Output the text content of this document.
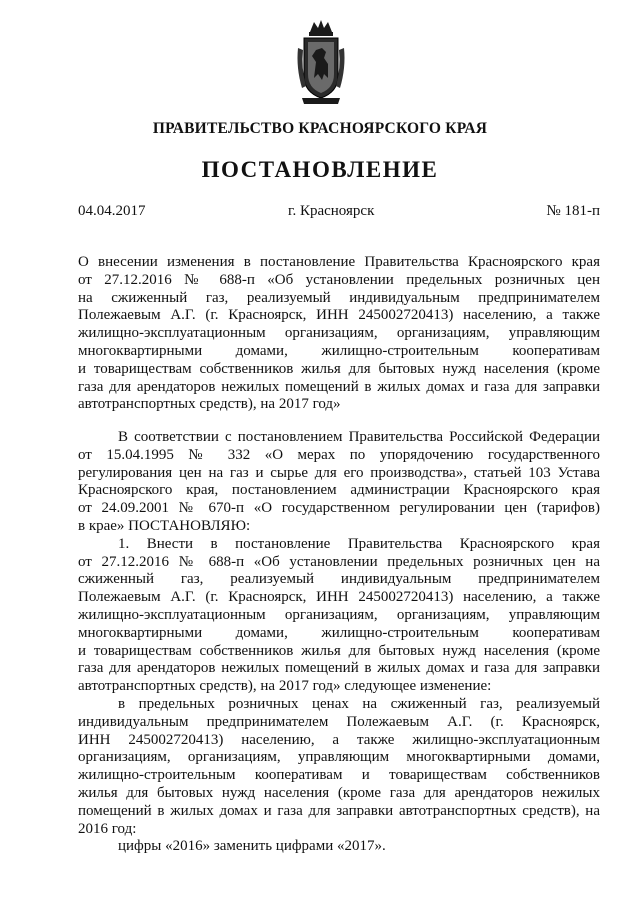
ПРАВИТЕЛЬСТВО КРАСНОЯРСКОГО КРАЯ
ПОСТАНОВЛЕНИЕ
04.04.2017	г. Красноярск	№ 181-п
О внесении изменения в постановление Правительства Красноярского края
от 27.12.2016 № 688-п «Об установлении предельных розничных цен
на сжиженный газ, реализуемый индивидуальным предпринимателем
Полежаевым А.Г. (г. Красноярск, ИНН 245002720413) населению, а также
жилищно-эксплуатационным организациям, организациям, управляющим
многоквартирными домами, жилищно-строительным кооперативам
и товариществам собственников жилья для бытовых нужд населения (кроме
газа для арендаторов нежилых помещений в жилых домах и газа для заправки
автотранспортных средств), на 2017 год»
В соответствии с постановлением Правительства Российской Федерации
от 15.04.1995 № 332 «О мерах по упорядочению государственного
регулирования цен на газ и сырье для его производства», статьей 103 Устава
Красноярского края, постановлением администрации Красноярского края
от 24.09.2001 № 670-п «О государственном регулировании цен (тарифов)
в крае» ПОСТАНОВЛЯЮ:
1. Внести в постановление Правительства Красноярского края
от 27.12.2016 № 688-п «Об установлении предельных розничных цен на
сжиженный газ, реализуемый индивидуальным предпринимателем
Полежаевым А.Г. (г. Красноярск, ИНН 245002720413) населению, а также
жилищно-эксплуатационным организациям, организациям, управляющим
многоквартирными домами, жилищно-строительным кооперативам
и товариществам собственников жилья для бытовых нужд населения (кроме
газа для арендаторов нежилых помещений в жилых домах и газа для заправки
автотранспортных средств), на 2017 год» следующее изменение:
в предельных розничных ценах на сжиженный газ, реализуемый
индивидуальным предпринимателем Полежаевым А.Г. (г. Красноярск,
ИНН 245002720413) населению, а также жилищно-эксплуатационным
организациям, организациям, управляющим многоквартирными домами,
жилищно-строительным кооперативам и товариществам собственников
жилья для бытовых нужд населения (кроме газа для арендаторов нежилых
помещений в жилых домах и газа для заправки автотранспортных средств), на
2016 год:
цифры «2016» заменить цифрами «2017».
